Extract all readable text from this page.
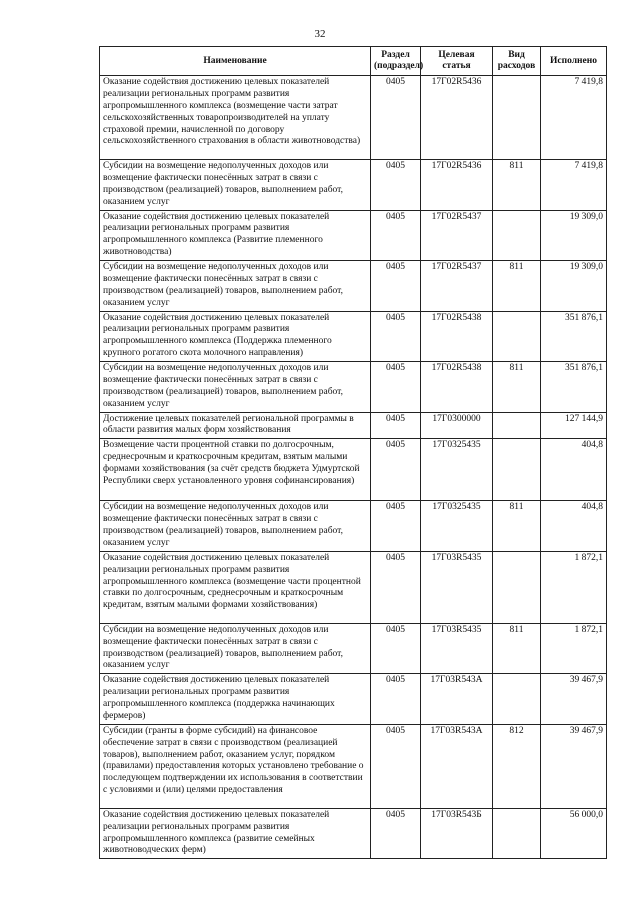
32
Наименование	Раздел (подраздел)	Целевая статья	Вид расходов	Исполнено
Оказание содействия достижению целевых показателей реализации региональных программ развития агропромышленного комплекса (возмещение части затрат сельскохозяйственных товаропроизводителей на уплату страховой премии, начисленной по договору сельскохозяйственного страхования в области животноводства)	0405	17Г02R5436		7 419,8
Субсидии на возмещение недополученных доходов или возмещение фактически понесённых затрат в связи с производством (реализацией) товаров, выполнением работ, оказанием услуг	0405	17Г02R5436	811	7 419,8
Оказание содействия достижению целевых показателей реализации региональных программ развития агропромышленного комплекса (Развитие племенного животноводства)	0405	17Г02R5437		19 309,0
Субсидии на возмещение недополученных доходов или возмещение фактически понесённых затрат в связи с производством (реализацией) товаров, выполнением работ, оказанием услуг	0405	17Г02R5437	811	19 309,0
Оказание содействия достижению целевых показателей реализации региональных программ развития агропромышленного комплекса (Поддержка племенного крупного рогатого скота молочного направления)	0405	17Г02R5438		351 876,1
Субсидии на возмещение недополученных доходов или возмещение фактически понесённых затрат в связи с производством (реализацией) товаров, выполнением работ, оказанием услуг	0405	17Г02R5438	811	351 876,1
Достижение целевых показателей региональной программы в области развития малых форм хозяйствования	0405	17Г0300000		127 144,9
Возмещение части процентной ставки по долгосрочным, среднесрочным и краткосрочным кредитам, взятым малыми формами хозяйствования (за счёт средств бюджета Удмуртской Республики сверх установленного уровня софинансирования)	0405	17Г0325435		404,8
Субсидии на возмещение недополученных доходов или возмещение фактически понесённых затрат в связи с производством (реализацией) товаров, выполнением работ, оказанием услуг	0405	17Г0325435	811	404,8
Оказание содействия достижению целевых показателей реализации региональных программ развития агропромышленного комплекса (возмещение части процентной ставки по долгосрочным, среднесрочным и краткосрочным кредитам, взятым малыми формами хозяйствования)	0405	17Г03R5435		1 872,1
Субсидии на возмещение недополученных доходов или возмещение фактически понесённых затрат в связи с производством (реализацией) товаров, выполнением работ, оказанием услуг	0405	17Г03R5435	811	1 872,1
Оказание содействия достижению целевых показателей реализации региональных программ развития агропромышленного комплекса (поддержка начинающих фермеров)	0405	17Г03R543А		39 467,9
Субсидии (гранты в форме субсидий) на финансовое обеспечение затрат в связи с производством (реализацией товаров), выполнением работ, оказанием услуг, порядком (правилами) предоставления которых установлено требование о последующем подтверждении их использования в соответствии с условиями и (или) целями предоставления	0405	17Г03R543А	812	39 467,9
Оказание содействия достижению целевых показателей реализации региональных программ развития агропромышленного комплекса (развитие семейных животноводческих ферм)	0405	17Г03R543Б		56 000,0
